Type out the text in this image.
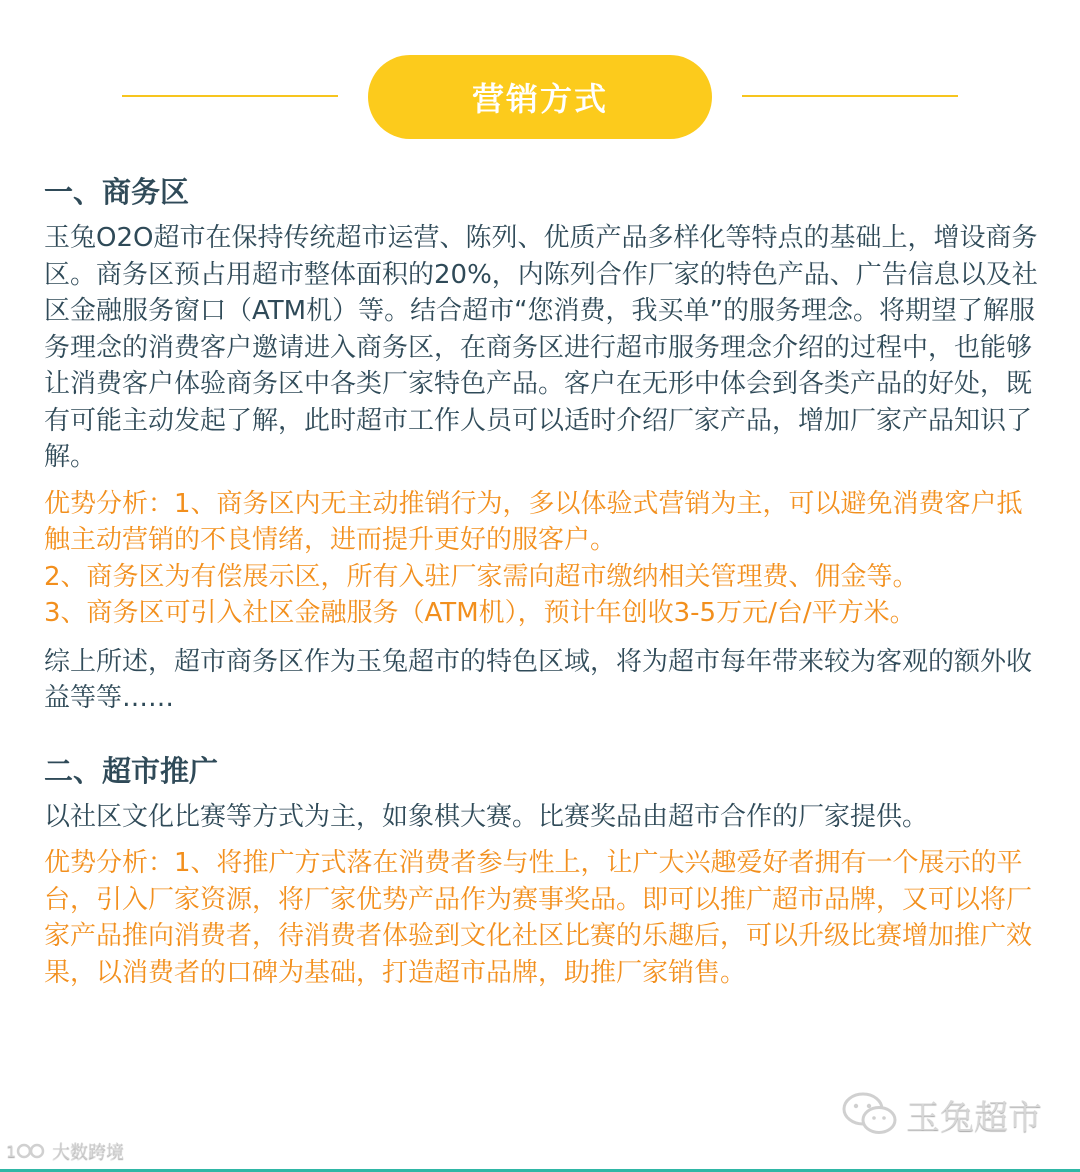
营销方式
一、商务区

玉兔O2O超市在保持传统超市运营、陈列、优质产品多样化等特点的基础上，增设商务区。商务区预占用超市整体面积的20%，内陈列合作厂家的特色产品、广告信息以及社区金融服务窗口（ATM机）等。结合超市“您消费，我买单”的服务理念。将期望了解服务理念的消费客户邀请进入商务区，在商务区进行超市服务理念介绍的过程中，也能够让消费客户体验商务区中各类厂家特色产品。客户在无形中体会到各类产品的好处，既有可能主动发起了解，此时超市工作人员可以适时介绍厂家产品，增加厂家产品知识了解。

优势分析：1、商务区内无主动推销行为，多以体验式营销为主，可以避免消费客户抵触主动营销的不良情绪，进而提升更好的服客户。

2、商务区为有偿展示区，所有入驻厂家需向超市缴纳相关管理费、佣金等。

3、商务区可引入社区金融服务（ATM机），预计年创收3-5万元/台/平方米。

综上所述，超市商务区作为玉兔超市的特色区域，将为超市每年带来较为客观的额外收益等等……

二、超市推广

以社区文化比赛等方式为主，如象棋大赛。比赛奖品由超市合作的厂家提供。

优势分析：1、将推广方式落在消费者参与性上，让广大兴趣爱好者拥有一个展示的平台，引入厂家资源，将厂家优势产品作为赛事奖品。即可以推广超市品牌，又可以将厂家产品推向消费者，待消费者体验到文化社区比赛的乐趣后，可以升级比赛增加推广效果，以消费者的口碑为基础，打造超市品牌，助推厂家销售。

玉兔超市
1 大数跨境
